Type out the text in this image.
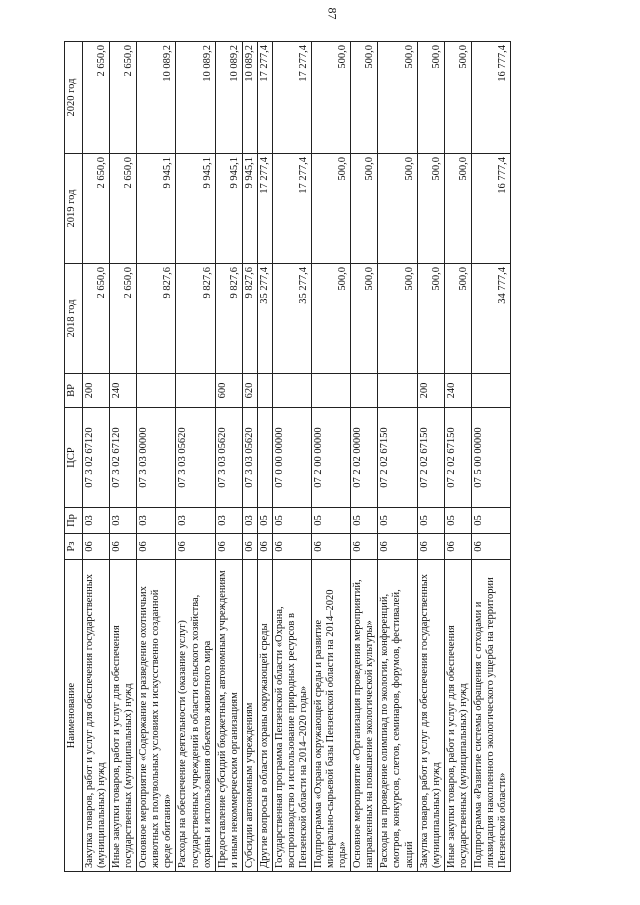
87
Наименование	Рз	Пр	ЦСР	ВР	2018 год	2019 год	2020 год
Закупка товаров, работ и услуг для обеспечения государственных (муниципальных) нужд	06	03	07 3 02 67120	200	2 650,0	2 650,0	2 650,0
Иные закупки товаров, работ и услуг для обеспечения государственных (муниципальных) нужд	06	03	07 3 02 67120	240	2 650,0	2 650,0	2 650,0
Основное мероприятие «Содержание и разведение охотничьих животных в полувольных условиях и искусственно созданной среде обитания»	06	03	07 3 03 00000		9 827,6	9 945,1	10 089,2
Расходы на обеспечение деятельности (оказание услуг) государственных учреждений в области сельского хозяйства, охраны и использования объектов животного мира	06	03	07 3 03 05620		9 827,6	9 945,1	10 089,2
Предоставление субсидий бюджетным, автономным учреждениям и иным некоммерческим организациям	06	03	07 3 03 05620	600	9 827,6	9 945,1	10 089,2
Субсидии автономным учреждениям	06	03	07 3 03 05620	620	9 827,6	9 945,1	10 089,2
Другие вопросы в области охраны окружающей среды	06	05			35 277,4	17 277,4	17 277,4
Государственная программа Пензенской области «Охрана, воспроизводство и использование природных ресурсов в Пензенской области на 2014–2020 годы»	06	05	07 0 00 00000		35 277,4	17 277,4	17 277,4
Подпрограмма «Охрана окружающей среды и развитие минерально-сырьевой базы Пензенской области на 2014–2020 годы»	06	05	07 2 00 00000		500,0	500,0	500,0
Основное мероприятие «Организация проведения мероприятий, направленных на повышение экологической культуры»	06	05	07 2 02 00000		500,0	500,0	500,0
Расходы на проведение олимпиад по экологии, конференций, смотров, конкурсов, слетов, семинаров, форумов, фестивалей, акций	06	05	07 2 02 67150		500,0	500,0	500,0
Закупка товаров, работ и услуг для обеспечения государственных (муниципальных) нужд	06	05	07 2 02 67150	200	500,0	500,0	500,0
Иные закупки товаров, работ и услуг для обеспечения государственных (муниципальных) нужд	06	05	07 2 02 67150	240	500,0	500,0	500,0
Подпрограмма «Развитие системы обращения с отходами и ликвидация накопленного экологического ущерба на территории Пензенской области»	06	05	07 5 00 00000		34 777,4	16 777,4	16 777,4
